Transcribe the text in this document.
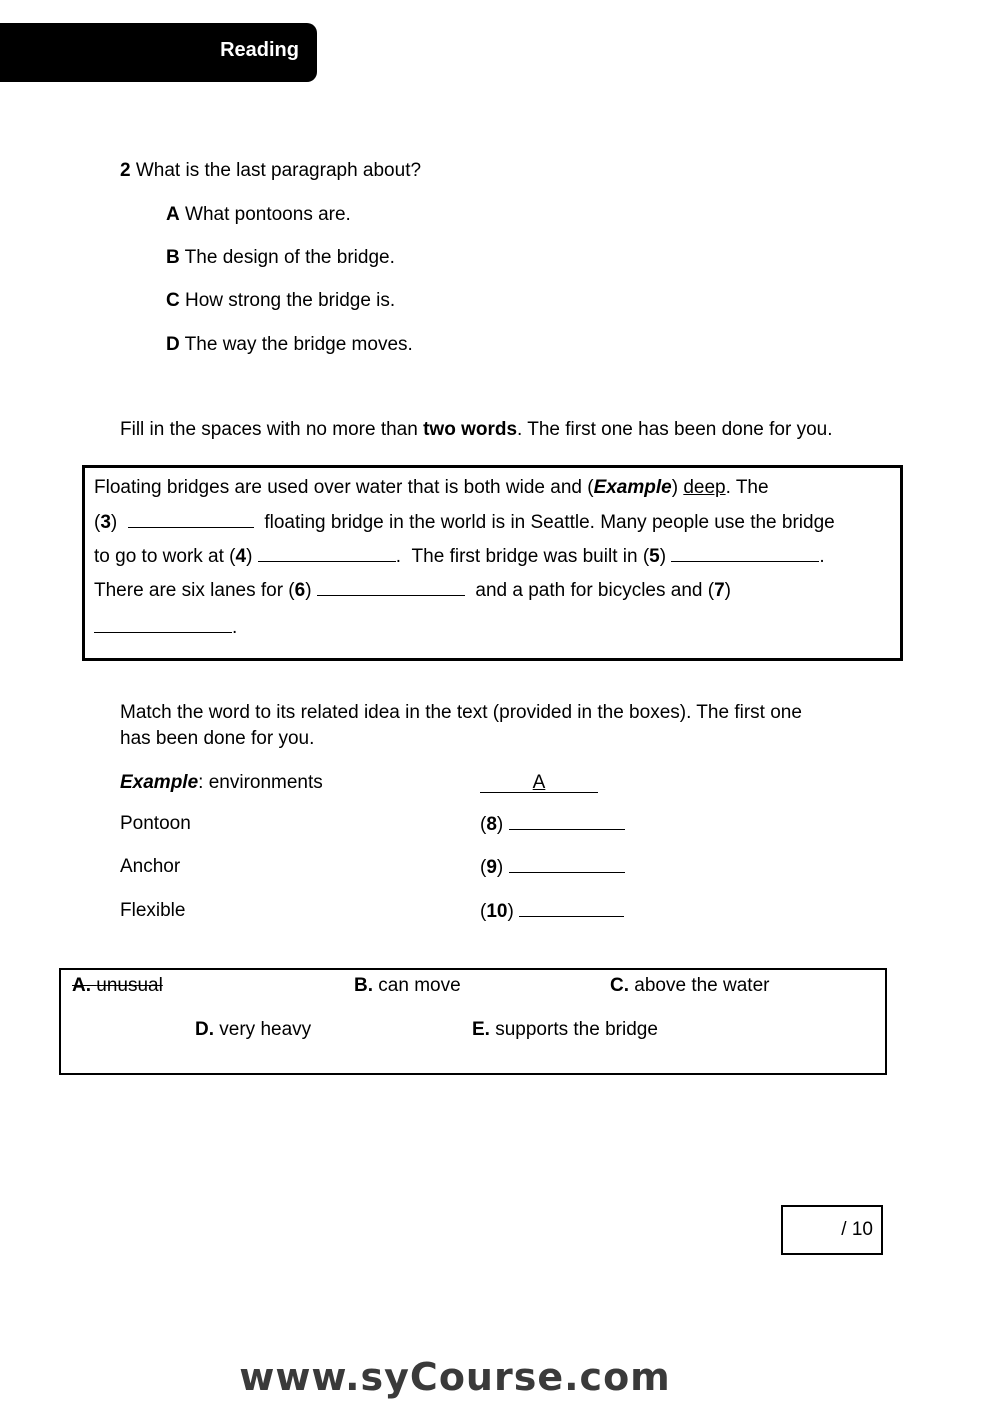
Reading
2 What is the last paragraph about?
A What pontoons are.
B The design of the bridge.
C How strong the bridge is.
D The way the bridge moves.
Fill in the spaces with no more than two words. The first one has been done for you.
Floating bridges are used over water that is both wide and (Example) deep. The
(3)	floating bridge in the world is in Seattle. Many people use the bridge
to go to work at (4)	.  The first bridge was built in (5)	.
There are six lanes for (6)	and a path for bicycles and (7)
.
Match the word to its related idea in the text (provided in the boxes). The first one
has been done for you.
Example: environments	A
Pontoon	(8)
Anchor	(9)
Flexible	(10)
A. unusual	B. can move	C. above the water
D. very heavy	E. supports the bridge
/ 10
www.syCourse.com
